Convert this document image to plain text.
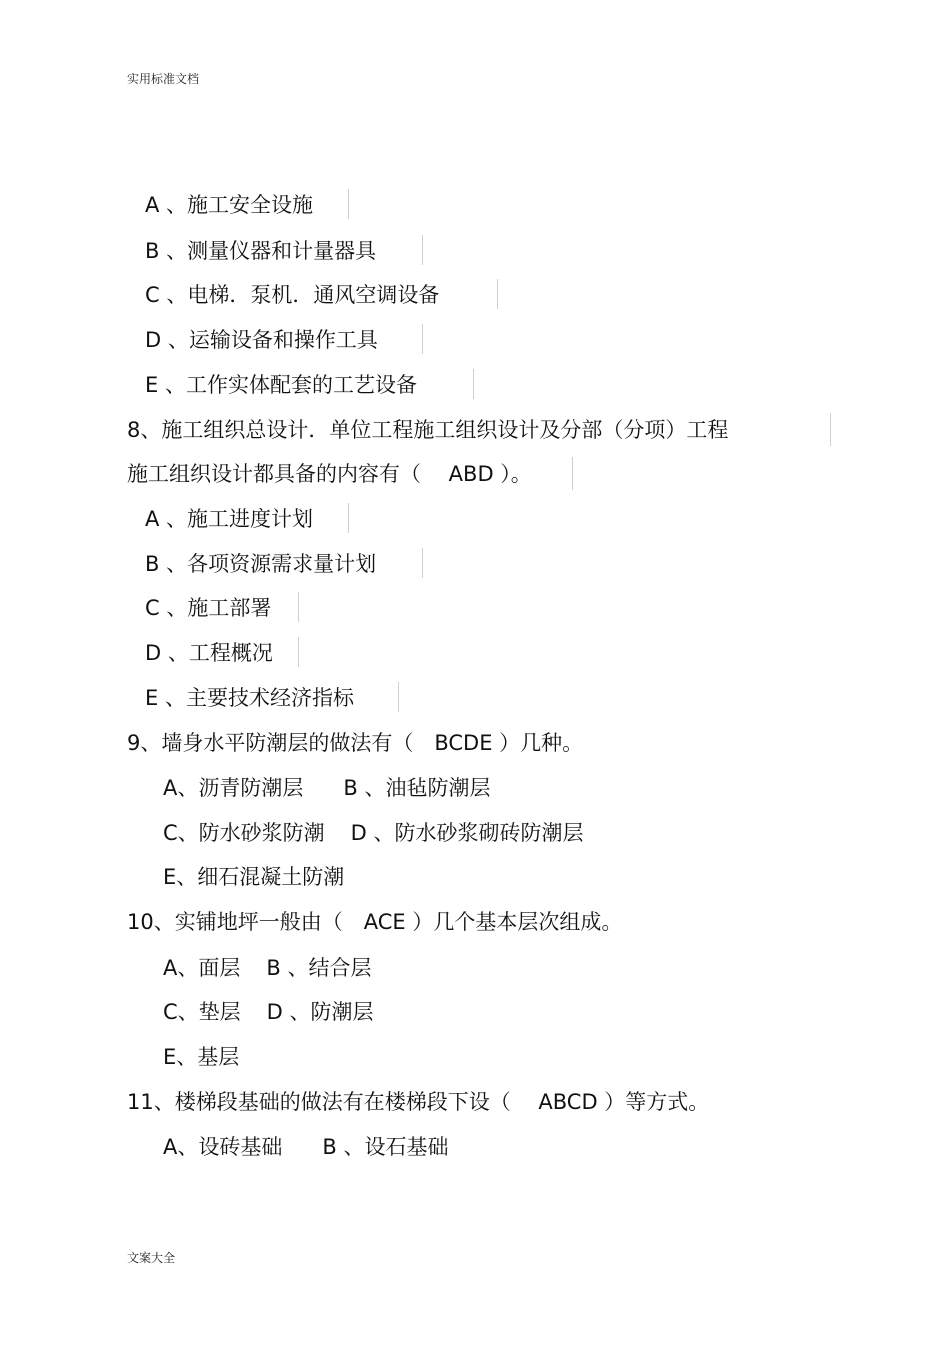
实用标准文档
A 、施工安全设施
B 、测量仪器和计量器具
C 、电梯．泵机．通风空调设备
D 、运输设备和操作工具
E 、工作实体配套的工艺设备
8、施工组织总设计．单位工程施工组织设计及分部（分项）工程
施工组织设计都具备的内容有（　 ABD ）。
A 、施工进度计划
B 、各项资源需求量计划
C 、施工部署
D 、工程概况
E 、主要技术经济指标
9、墙身水平防潮层的做法有（　BCDE ）几种。
A、沥青防潮层 B 、油毡防潮层
C、防水砂浆防潮 D 、防水砂浆砌砖防潮层
E、细石混凝土防潮
10、实铺地坪一般由（　ACE ）几个基本层次组成。
A、面层 B 、结合层
C、垫层 D 、防潮层
E、基层
11、楼梯段基础的做法有在楼梯段下设（　 ABCD ）等方式。
A、设砖基础 B 、设石基础
文案大全
